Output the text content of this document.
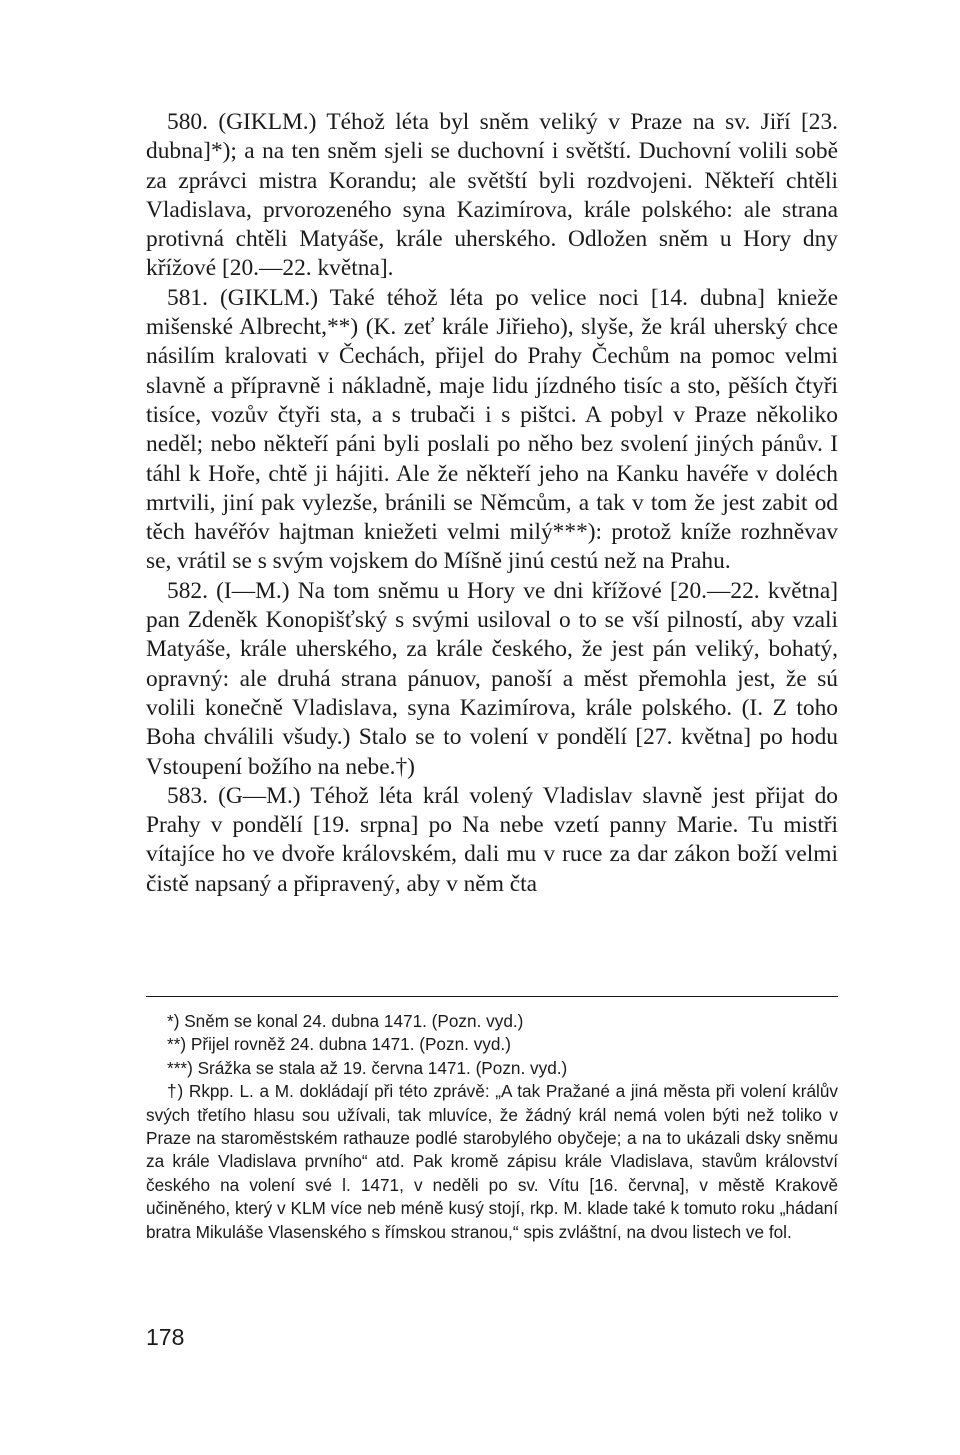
580. (GIKLM.) Téhož léta byl sněm veliký v Praze na sv. Jiří [23. dubna]*); a na ten sněm sjeli se duchovní i světští. Duchovní volili sobě za zprávci mistra Korandu; ale světští byli rozdvojeni. Někteří chtěli Vladislava, prvorozeného syna Kazimírova, krále polského: ale strana protivná chtěli Matyáše, krále uherského. Odložen sněm u Hory dny křížové [20.—22. května].

581. (GIKLM.) Také téhož léta po velice noci [14. dubna] knieže mišenské Albrecht,**) (K. zeť krále Jiřieho), slyše, že král uherský chce násilím kralovati v Čechách, přijel do Prahy Čechům na pomoc velmi slavně a přípravně i nákladně, maje lidu jízdného tisíc a sto, pěších čtyři tisíce, vozův čtyři sta, a s trubači i s pištci. A pobyl v Praze několiko neděl; nebo někteří páni byli poslali po něho bez svolení jiných pánův. I táhl k Hoře, chtě ji hájiti. Ale že někteří jeho na Kanku havéře v doléch mrtvili, jiní pak vylezše, bránili se Němcům, a tak v tom že jest zabit od těch havéřóv hajtman kniežeti velmi milý***): protož kníže rozhněvav se, vrátil se s svým vojskem do Míšně jinú cestú než na Prahu.

582. (I—M.) Na tom sněmu u Hory ve dni křížové [20.—22. května] pan Zdeněk Konopišťský s svými usiloval o to se vší pilností, aby vzali Matyáše, krále uherského, za krále českého, že jest pán veliký, bohatý, opravný: ale druhá strana pánuov, panoší a měst přemohla jest, že sú volili konečně Vladislava, syna Kazimírova, krále polského. (I. Z toho Boha chválili všudy.) Stalo se to volení v pondělí [27. května] po hodu Vstoupení božího na nebe.†)

583. (G—M.) Téhož léta král volený Vladislav slavně jest přijat do Prahy v pondělí [19. srpna] po Na nebe vzetí panny Marie. Tu mistři vítajíce ho ve dvoře královském, dali mu v ruce za dar zákon boží velmi čistě napsaný a připravený, aby v něm čta

*) Sněm se konal 24. dubna 1471. (Pozn. vyd.)

**) Přijel rovněž 24. dubna 1471. (Pozn. vyd.)

***) Srážka se stala až 19. června 1471. (Pozn. vyd.)

†) Rkpp. L. a M. dokládají při této zprávě: „A tak Pražané a jiná města při volení králův svých třetího hlasu sou užívali, tak mluvíce, že žádný král nemá volen býti než toliko v Praze na staroměstském rathauze podlé starobylého obyčeje; a na to ukázali dsky sněmu za krále Vladislava prvního“ atd. Pak kromě zápisu krále Vladislava, stavům království českého na volení své l. 1471, v neděli po sv. Vítu [16. června], v městě Krakově učiněného, který v KLM více neb méně kusý stojí, rkp. M. klade také k tomuto roku „hádaní bratra Mikuláše Vlasenského s římskou stranou,“ spis zvláštní, na dvou listech ve fol.

178
